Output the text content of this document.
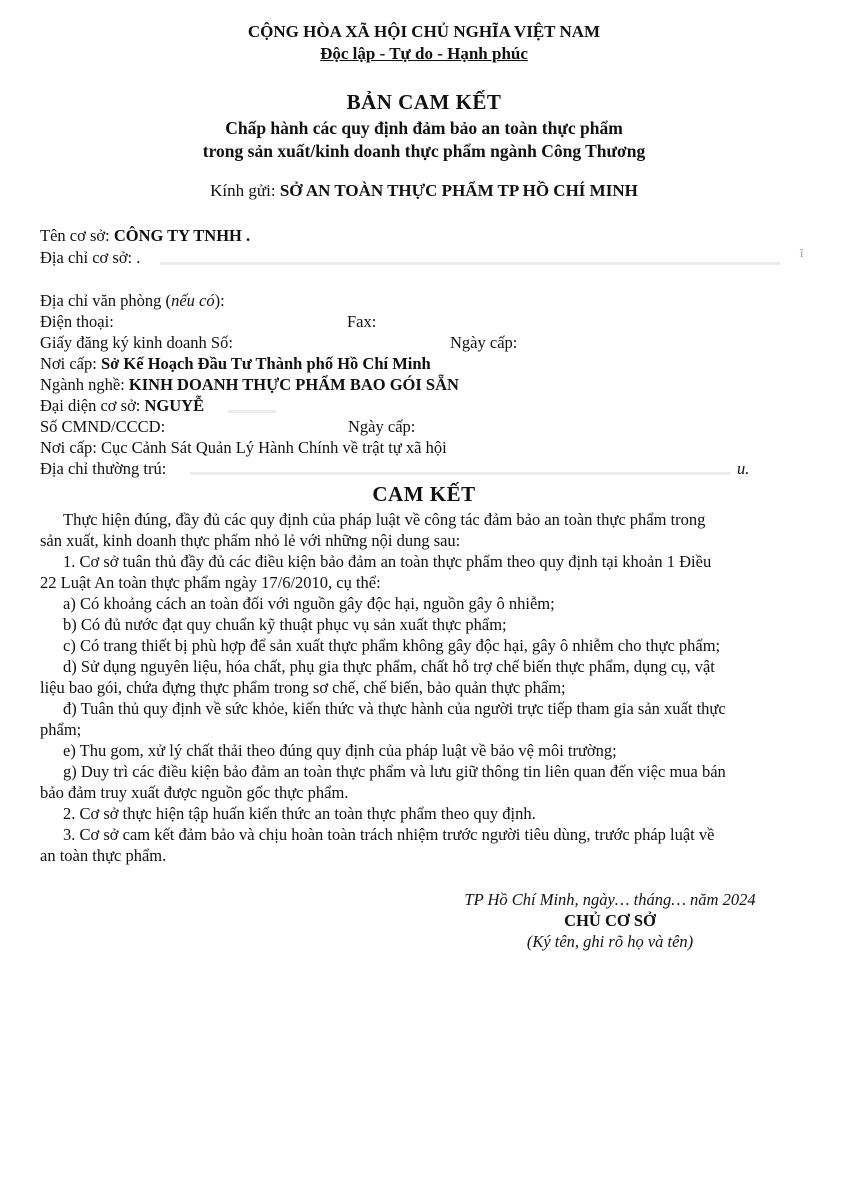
CỘNG HÒA XÃ HỘI CHỦ NGHĨA VIỆT NAM
Độc lập - Tự do - Hạnh phúc
BẢN CAM KẾT
Chấp hành các quy định đảm bảo an toàn thực phẩm
trong sản xuất/kinh doanh thực phẩm ngành Công Thương
Kính gửi: SỞ AN TOÀN THỰC PHẨM TP HỒ CHÍ MINH
Tên cơ sở: CÔNG TY TNHH .
Địa chỉ cơ sở: .	ĩ
Địa chỉ văn phòng (nếu có):
Điện thoại:	Fax:
Giấy đăng ký kinh doanh Số:	Ngày cấp:
Nơi cấp: Sở Kế Hoạch Đầu Tư Thành phố Hồ Chí Minh
Ngành nghề: KINH DOANH THỰC PHẨM BAO GÓI SẴN
Đại diện cơ sở: NGUYỄ
Số CMND/CCCD:	Ngày cấp:
Nơi cấp: Cục Cảnh Sát Quản Lý Hành Chính về trật tự xã hội
Địa chỉ thường trú:	u.
CAM KẾT
Thực hiện đúng, đầy đủ các quy định của pháp luật về công tác đảm bảo an toàn thực phẩm trong
sản xuất, kinh doanh thực phẩm nhỏ lẻ với những nội dung sau:
1. Cơ sở tuân thủ đầy đủ các điều kiện bảo đảm an toàn thực phẩm theo quy định tại khoản 1 Điều
22 Luật An toàn thực phẩm ngày 17/6/2010, cụ thể:
a) Có khoảng cách an toàn đối với nguồn gây độc hại, nguồn gây ô nhiễm;
b) Có đủ nước đạt quy chuẩn kỹ thuật phục vụ sản xuất thực phẩm;
c) Có trang thiết bị phù hợp để sản xuất thực phẩm không gây độc hại, gây ô nhiễm cho thực phẩm;
d) Sử dụng nguyên liệu, hóa chất, phụ gia thực phẩm, chất hỗ trợ chế biến thực phẩm, dụng cụ, vật
liệu bao gói, chứa đựng thực phẩm trong sơ chế, chế biến, bảo quản thực phẩm;
đ) Tuân thủ quy định về sức khỏe, kiến thức và thực hành của người trực tiếp tham gia sản xuất thực
phẩm;
e) Thu gom, xử lý chất thải theo đúng quy định của pháp luật về bảo vệ môi trường;
g) Duy trì các điều kiện bảo đảm an toàn thực phẩm và lưu giữ thông tin liên quan đến việc mua bán
bảo đảm truy xuất được nguồn gốc thực phẩm.
2. Cơ sở thực hiện tập huấn kiến thức an toàn thực phẩm theo quy định.
3. Cơ sở cam kết đảm bảo và chịu hoàn toàn trách nhiệm trước người tiêu dùng, trước pháp luật về
an toàn thực phẩm.
TP Hồ Chí Minh, ngày… tháng… năm 2024
CHỦ CƠ SỞ
(Ký tên, ghi rõ họ và tên)
